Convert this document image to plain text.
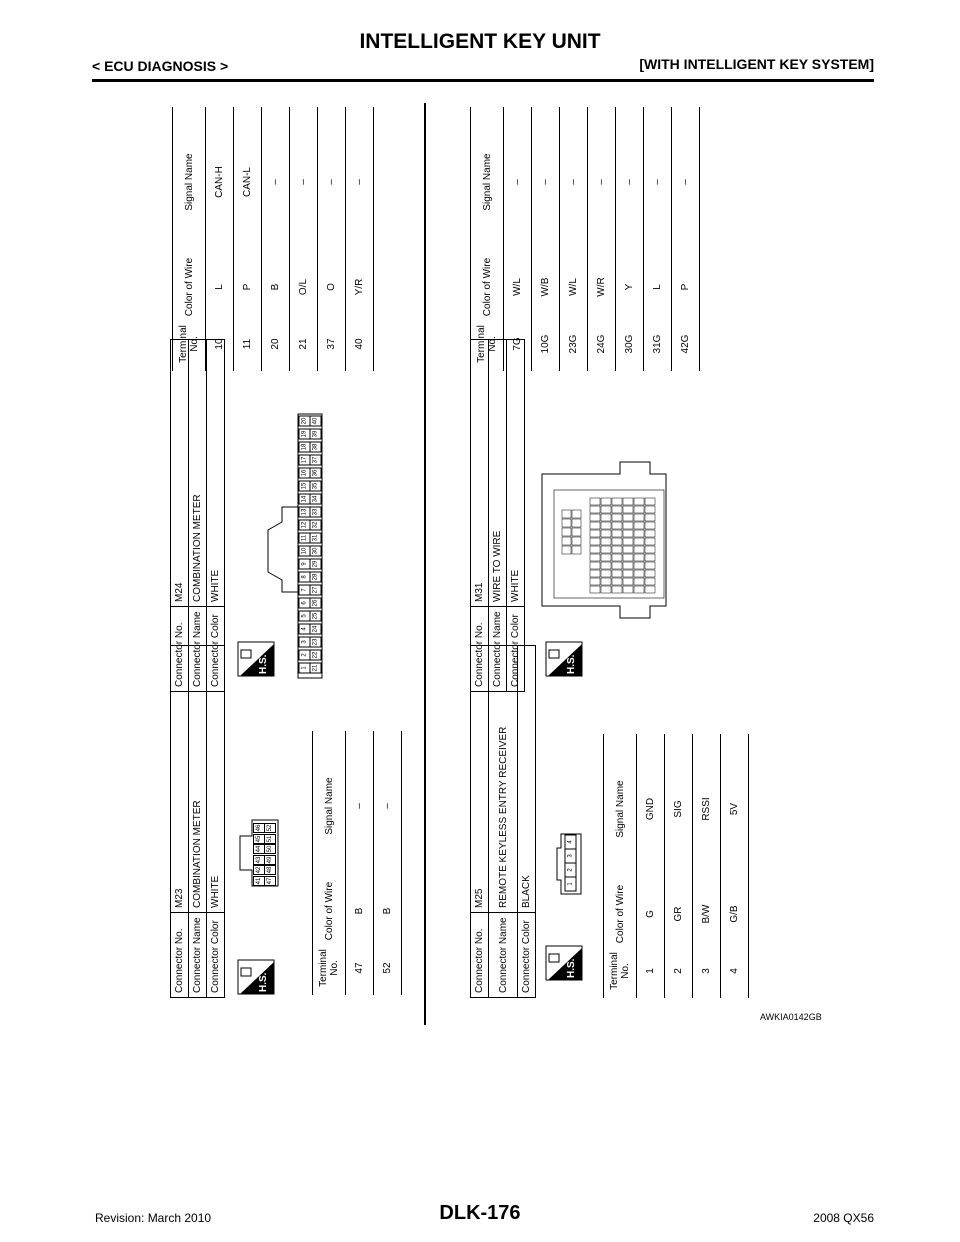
INTELLIGENT KEY UNIT
< ECU DIAGNOSIS >	[WITH INTELLIGENT KEY SYSTEM]
Connector No.	M23
Connector Name	COMBINATION METER
Connector Color	WHITE
H.S.
46
45
44
43
42
41
52
51
50
49
48
47
Terminal No.	Color of Wire	Signal Name
47	B	–
52	B	–
Connector No.	M24
Connector Name	COMBINATION METER
Connector Color	WHITE
H.S.
20
19
18
17
16
15
14
13
12
11
10
9
8
7
6
5
4
3
2
1
40
39
38
37
36
35
34
33
32
31
30
29
28
27
26
25
24
23
22
21
Terminal No.	Color of Wire	Signal Name
10	L	CAN-H
11	P	CAN-L
20	B	–
21	O/L	–
37	O	–
40	Y/R	–
Connector No.	M25
Connector Name	REMOTE KEYLESS ENTRY RECEIVER
Connector Color	BLACK
H.S.
4
3
2
1
Terminal No.	Color of Wire	Signal Name
1	G	GND
2	GR	SIG
3	B/W	RSSI
4	G/B	5V
Connector No.	M31
Connector Name	WIRE TO WIRE
Connector Color	WHITE
H.S.
Terminal No.	Color of Wire	Signal Name
7G	W/L	–
10G	W/B	–
23G	W/L	–
24G	W/R	–
30G	Y	–
31G	L	–
42G	P	–
AWKIA0142GB
DLK-176
Revision: March 2010	2008 QX56
